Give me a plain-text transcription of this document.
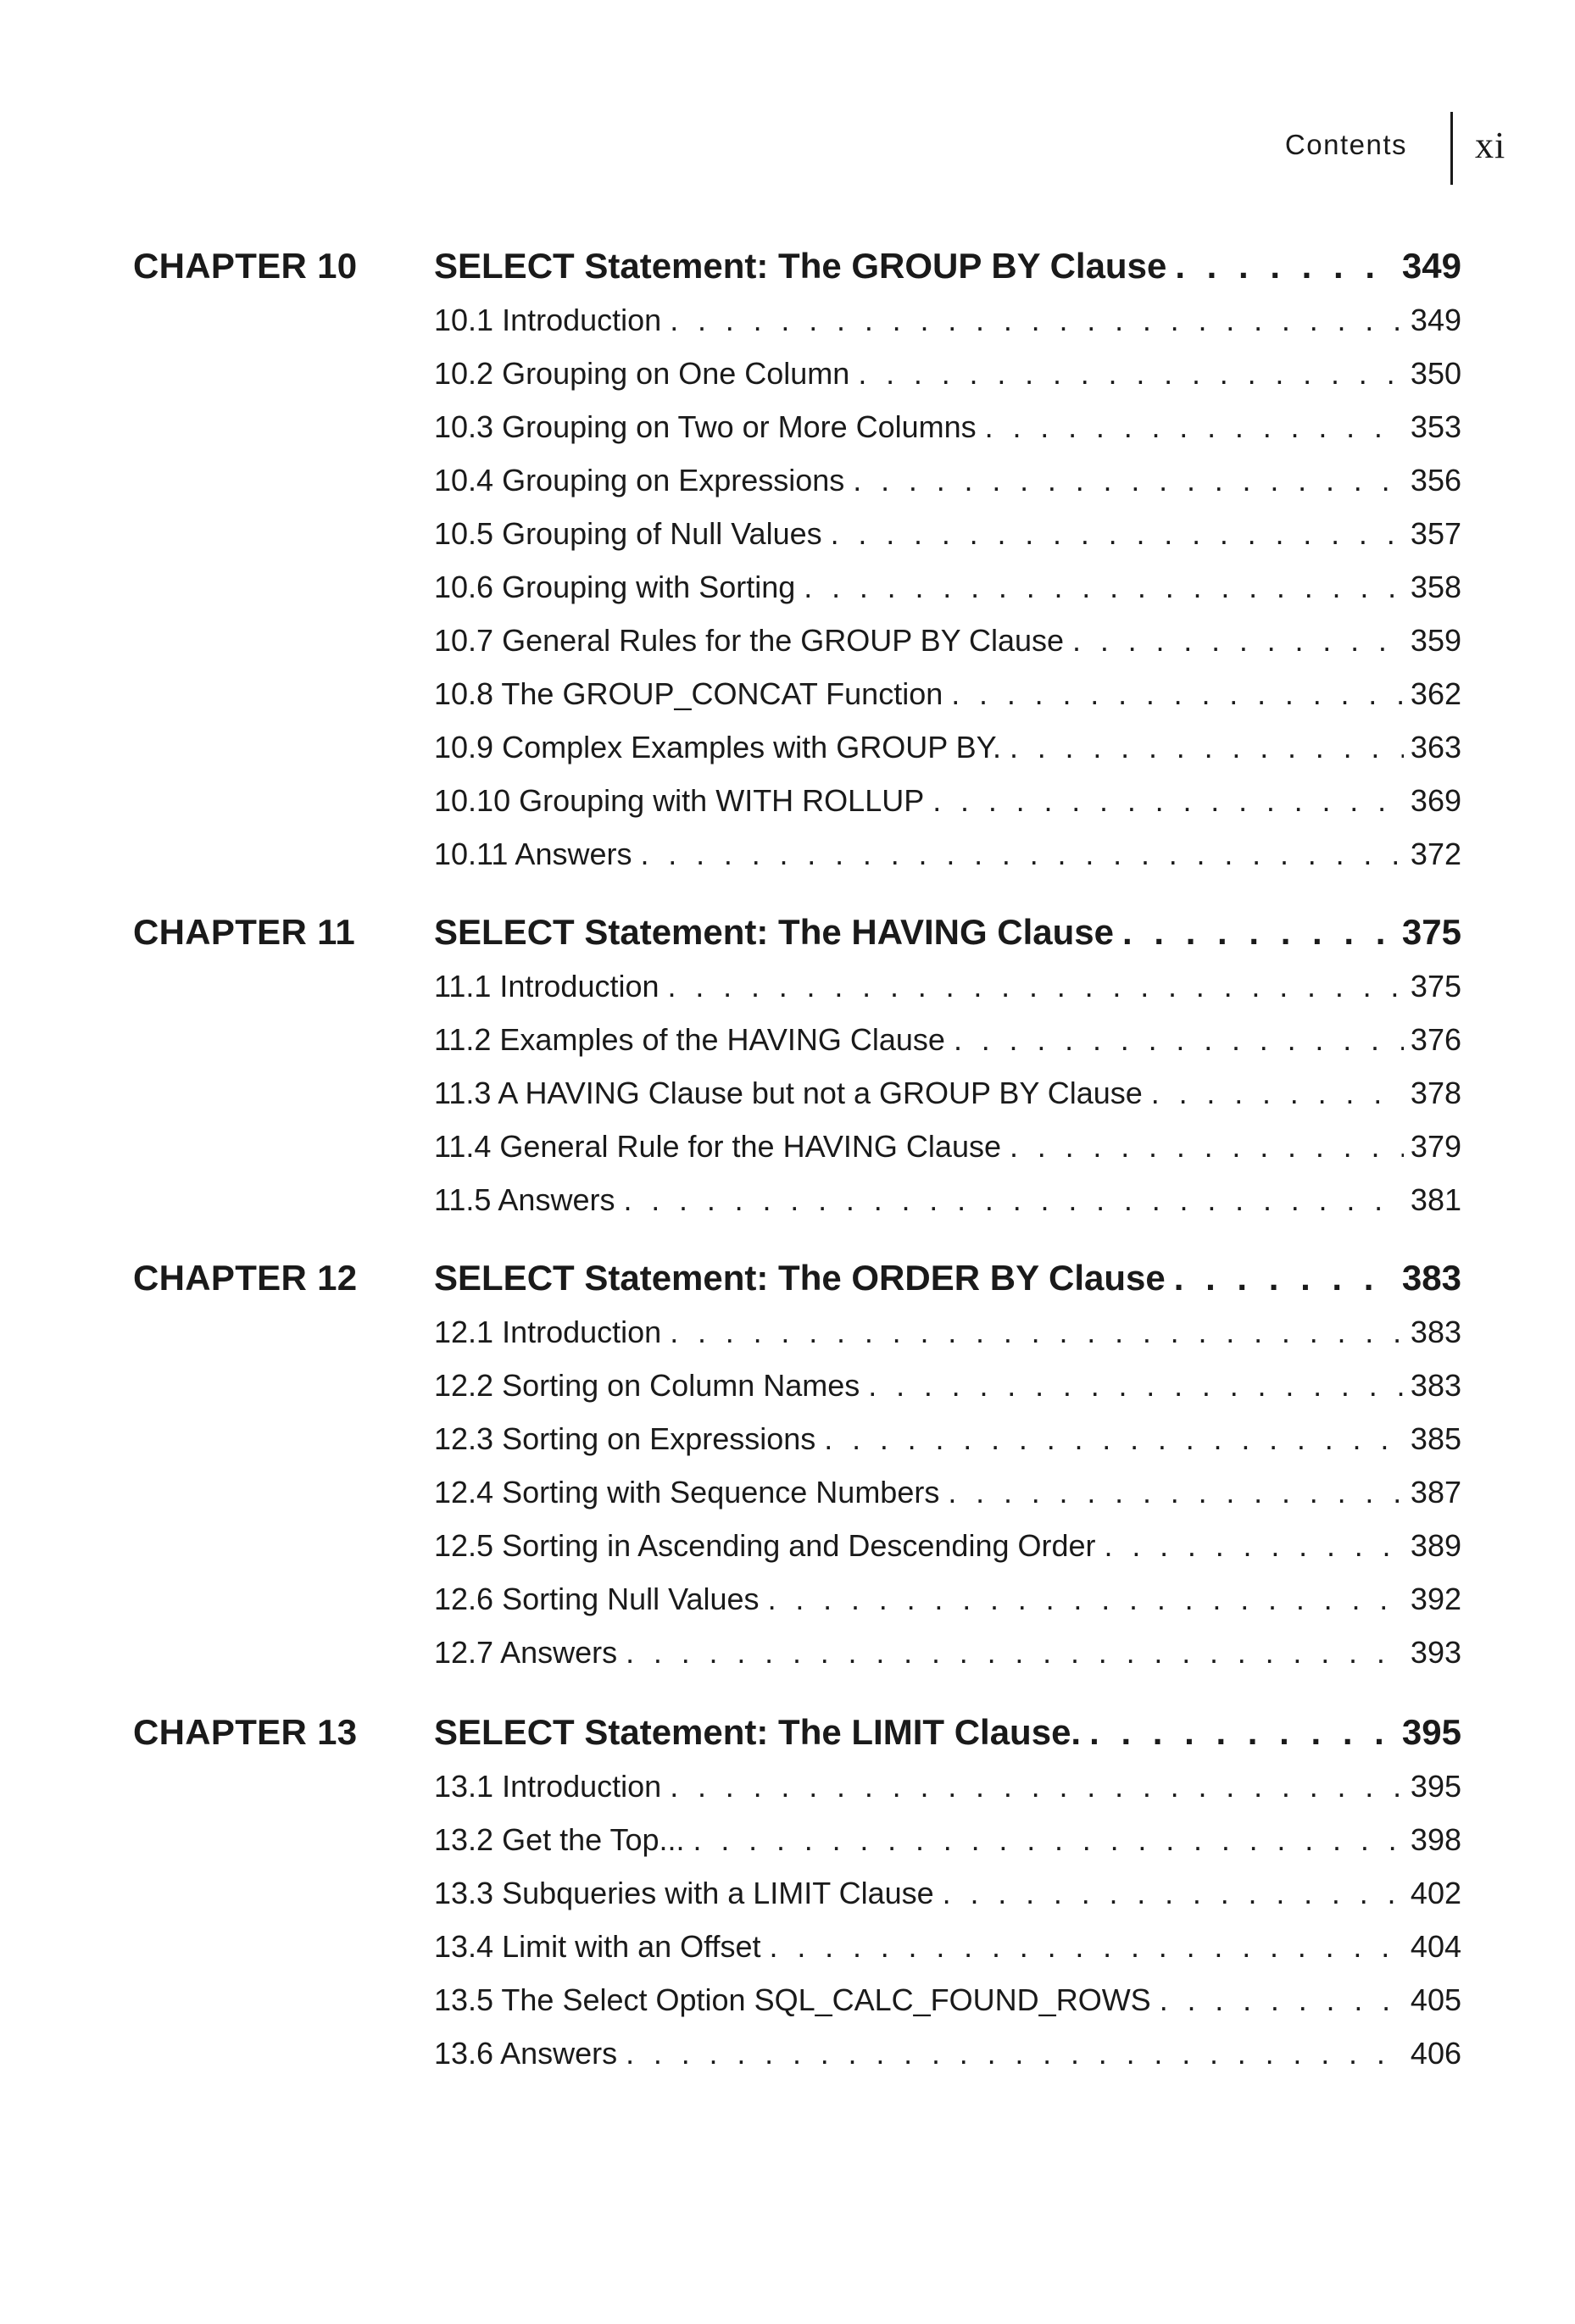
Contents xi
CHAPTER 10 SELECT Statement: The GROUP BY Clause . . .	349
10.1 Introduction . . .	349
10.2 Grouping on One Column . . .	350
10.3 Grouping on Two or More Columns . . .	353
10.4 Grouping on Expressions . . .	356
10.5 Grouping of Null Values . . .	357
10.6 Grouping with Sorting . . .	358
10.7 General Rules for the GROUP BY Clause . . .	359
10.8 The GROUP_CONCAT Function . . .	362
10.9 Complex Examples with GROUP BY. . . .	363
10.10 Grouping with WITH ROLLUP . . .	369
10.11 Answers . . .	372
CHAPTER 11 SELECT Statement: The HAVING Clause . . .	375
11.1 Introduction . . .	375
11.2 Examples of the HAVING Clause . . .	376
11.3 A HAVING Clause but not a GROUP BY Clause . . .	378
11.4 General Rule for the HAVING Clause . . .	379
11.5 Answers . . .	381
CHAPTER 12 SELECT Statement: The ORDER BY Clause . . .	383
12.1 Introduction . . .	383
12.2 Sorting on Column Names . . .	383
12.3 Sorting on Expressions . . .	385
12.4 Sorting with Sequence Numbers . . .	387
12.5 Sorting in Ascending and Descending Order . . .	389
12.6 Sorting Null Values . . .	392
12.7 Answers . . .	393
CHAPTER 13 SELECT Statement: The LIMIT Clause. . . .	395
13.1 Introduction . . .	395
13.2 Get the Top... . . .	398
13.3 Subqueries with a LIMIT Clause . . .	402
13.4 Limit with an Offset . . .	404
13.5 The Select Option SQL_CALC_FOUND_ROWS . . .	405
13.6 Answers . . .	406
